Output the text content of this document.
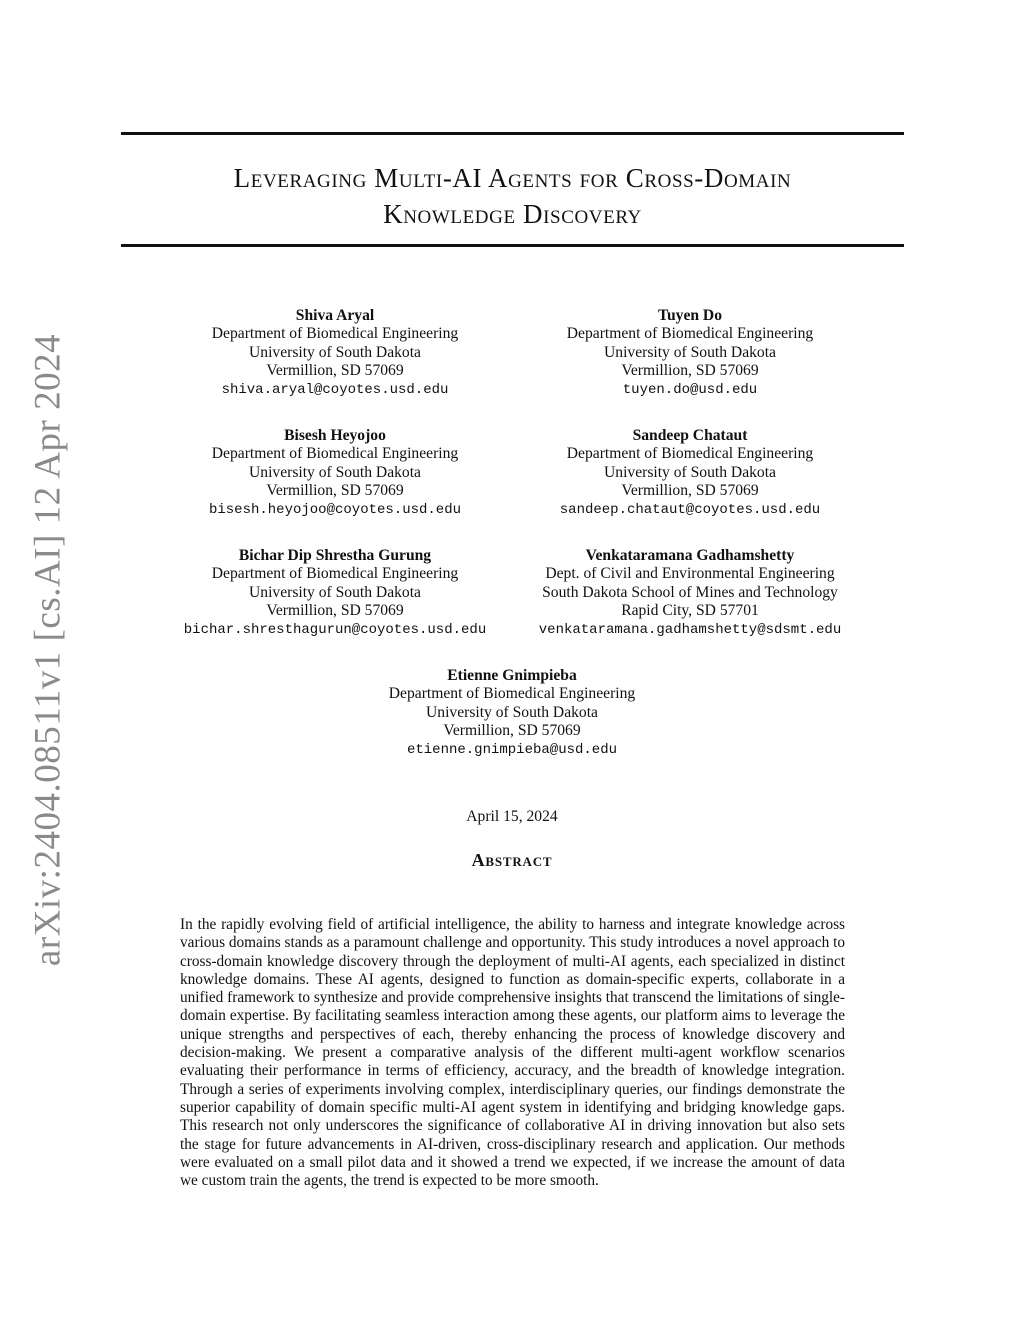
arXiv:2404.08511v1 [cs.AI] 12 Apr 2024
Leveraging Multi-AI Agents for Cross-Domain
Knowledge Discovery
Shiva Aryal
Department of Biomedical Engineering
University of South Dakota
Vermillion, SD 57069
shiva.aryal@coyotes.usd.edu
Tuyen Do
Department of Biomedical Engineering
University of South Dakota
Vermillion, SD 57069
tuyen.do@usd.edu
Bisesh Heyojoo
Department of Biomedical Engineering
University of South Dakota
Vermillion, SD 57069
bisesh.heyojoo@coyotes.usd.edu
Sandeep Chataut
Department of Biomedical Engineering
University of South Dakota
Vermillion, SD 57069
sandeep.chataut@coyotes.usd.edu
Bichar Dip Shrestha Gurung
Department of Biomedical Engineering
University of South Dakota
Vermillion, SD 57069
bichar.shresthagurun@coyotes.usd.edu
Venkataramana Gadhamshetty
Dept. of Civil and Environmental Engineering
South Dakota School of Mines and Technology
Rapid City, SD 57701
venkataramana.gadhamshetty@sdsmt.edu
Etienne Gnimpieba
Department of Biomedical Engineering
University of South Dakota
Vermillion, SD 57069
etienne.gnimpieba@usd.edu
April 15, 2024
Abstract
In the rapidly evolving field of artificial intelligence, the ability to harness and integrate knowledge across various domains stands as a paramount challenge and opportunity. This study introduces a novel approach to cross-domain knowledge discovery through the deployment of multi-AI agents, each specialized in distinct knowledge domains. These AI agents, designed to function as domain-specific experts, collaborate in a unified framework to synthesize and provide comprehensive insights that transcend the limitations of single-domain expertise. By facilitating seamless interaction among these agents, our platform aims to leverage the unique strengths and perspectives of each, thereby enhancing the process of knowledge discovery and decision-making. We present a comparative analysis of the different multi-agent workflow scenarios evaluating their performance in terms of efficiency, accuracy, and the breadth of knowledge integration. Through a series of experiments involving complex, interdisciplinary queries, our findings demonstrate the superior capability of domain specific multi-AI agent system in identifying and bridging knowledge gaps. This research not only underscores the significance of collaborative AI in driving innovation but also sets the stage for future advancements in AI-driven, cross-disciplinary research and application. Our methods were evaluated on a small pilot data and it showed a trend we expected, if we increase the amount of data we custom train the agents, the trend is expected to be more smooth.
